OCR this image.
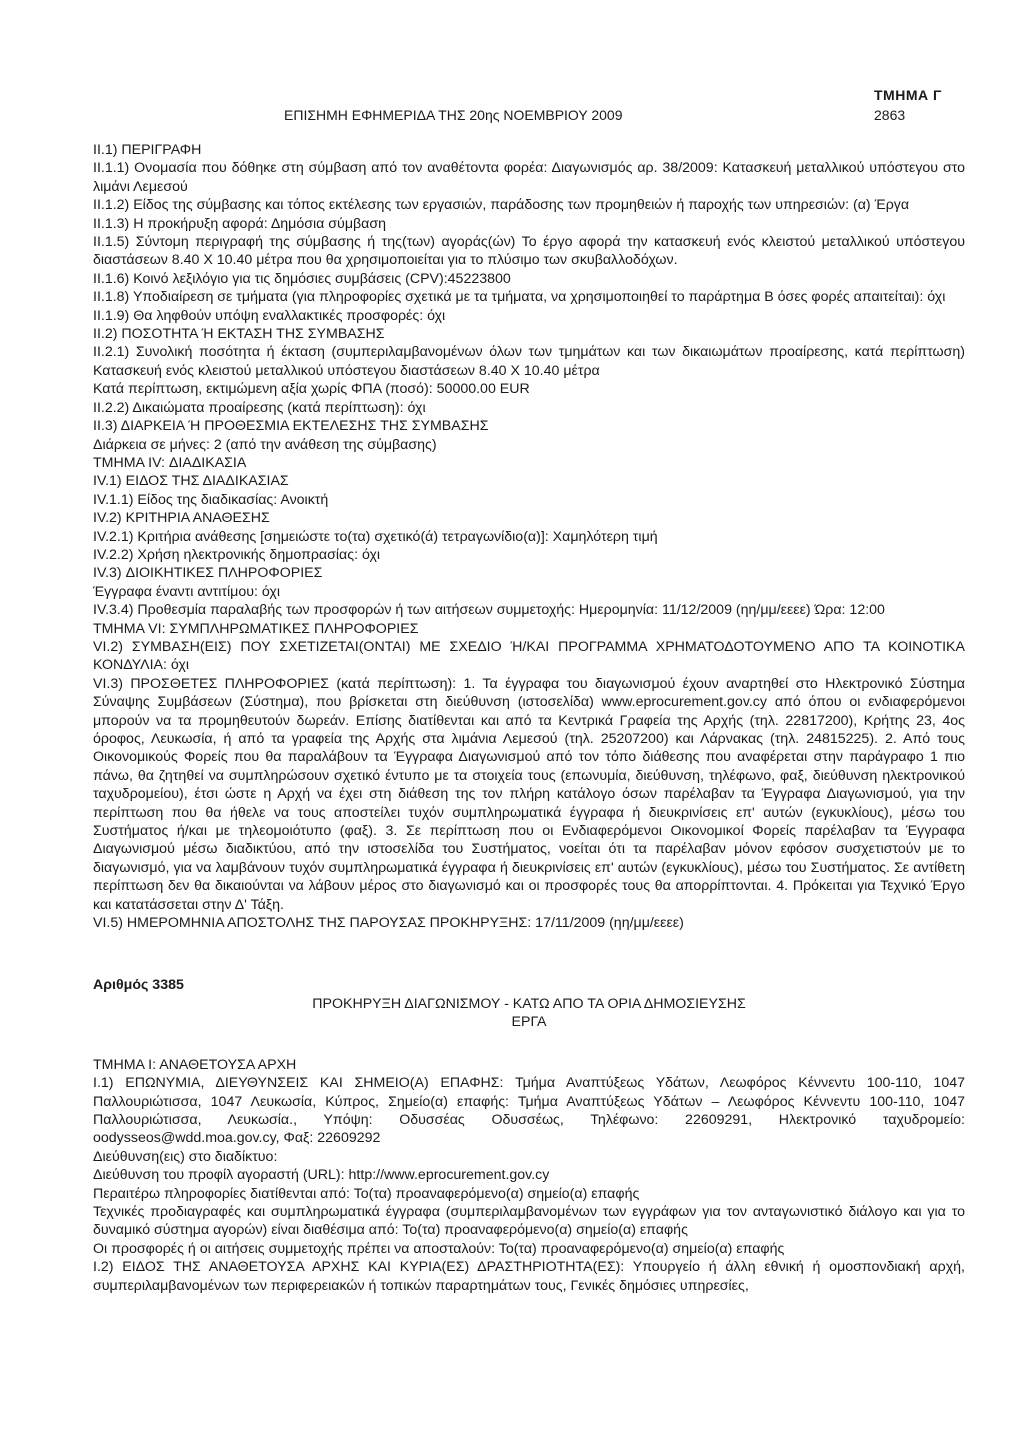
ΤΜΗΜΑ Γ
ΕΠΙΣΗΜΗ ΕΦΗΜΕΡΙΔΑ ΤΗΣ 20ης ΝΟΕΜΒΡΙΟΥ 2009	2863

ΙΙ.1) ΠΕΡΙΓΡΑΦΗ

ΙΙ.1.1) Ονομασία που δόθηκε στη σύμβαση από τον αναθέτοντα φορέα: Διαγωνισμός αρ. 38/2009: Κατασκευή μεταλλικού υπόστεγου στο λιμάνι Λεμεσού

ΙΙ.1.2) Είδος της σύμβασης και τόπος εκτέλεσης των εργασιών, παράδοσης των προμηθειών ή παροχής των υπηρεσιών: (α) Έργα

ΙΙ.1.3) Η προκήρυξη αφορά: Δημόσια σύμβαση

ΙΙ.1.5) Σύντομη περιγραφή της σύμβασης ή της(των) αγοράς(ών) Το έργο αφορά την κατασκευή ενός κλειστού μεταλλικού υπόστεγου διαστάσεων 8.40 Χ 10.40 μέτρα που θα χρησιμοποιείται για το πλύσιμο των σκυβαλλοδόχων.

ΙΙ.1.6) Κοινό λεξιλόγιο για τις δημόσιες συμβάσεις (CPV):45223800

ΙΙ.1.8) Υποδιαίρεση σε τμήματα (για πληροφορίες σχετικά με τα τμήματα, να χρησιμοποιηθεί το παράρτημα Β όσες φορές απαιτείται): όχι

ΙΙ.1.9) Θα ληφθούν υπόψη εναλλακτικές προσφορές: όχι

ΙΙ.2) ΠΟΣΟΤΗΤΑ Ή ΕΚΤΑΣΗ ΤΗΣ ΣΥΜΒΑΣΗΣ

ΙΙ.2.1) Συνολική ποσότητα ή έκταση (συμπεριλαμβανομένων όλων των τμημάτων και των δικαιωμάτων προαίρεσης, κατά περίπτωση) Κατασκευή ενός κλειστού μεταλλικού υπόστεγου διαστάσεων 8.40 Χ 10.40 μέτρα

Κατά περίπτωση, εκτιμώμενη αξία χωρίς ΦΠΑ (ποσό): 50000.00 EUR

ΙΙ.2.2) Δικαιώματα προαίρεσης (κατά περίπτωση): όχι

ΙΙ.3) ΔΙΑΡΚΕΙΑ Ή ΠΡΟΘΕΣΜΙΑ ΕΚΤΕΛΕΣΗΣ ΤΗΣ ΣΥΜΒΑΣΗΣ

Διάρκεια σε μήνες: 2 (από την ανάθεση της σύμβασης)

ΤΜΗΜΑ IV: ΔΙΑΔΙΚΑΣΙΑ

IV.1) ΕΙΔΟΣ ΤΗΣ ΔΙΑΔΙΚΑΣΙΑΣ

IV.1.1) Είδος της διαδικασίας: Ανοικτή

IV.2) ΚΡΙΤΗΡΙΑ ΑΝΑΘΕΣΗΣ

IV.2.1) Κριτήρια ανάθεσης [σημειώστε το(τα) σχετικό(ά) τετραγωνίδιο(α)]: Χαμηλότερη τιμή

IV.2.2) Χρήση ηλεκτρονικής δημοπρασίας: όχι

IV.3) ΔΙΟΙΚΗΤΙΚΕΣ ΠΛΗΡΟΦΟΡΙΕΣ

Έγγραφα έναντι αντιτίμου: όχι

IV.3.4) Προθεσμία παραλαβής των προσφορών ή των αιτήσεων συμμετοχής: Ημερομηνία: 11/12/2009 (ηη/μμ/εεεε) Ώρα: 12:00

ΤΜΗΜΑ VI: ΣΥΜΠΛΗΡΩΜΑΤΙΚΕΣ ΠΛΗΡΟΦΟΡΙΕΣ

VI.2) ΣΥΜΒΑΣΗ(ΕΙΣ) ΠΟΥ ΣΧΕΤΙΖΕΤΑΙ(ΟΝΤΑΙ) ΜΕ ΣΧΕΔΙΟ Ή/ΚΑΙ ΠΡΟΓΡΑΜΜΑ ΧΡΗΜΑΤΟΔΟΤΟΥΜΕΝΟ ΑΠΟ ΤΑ ΚΟΙΝΟΤΙΚΑ ΚΟΝΔΥΛΙΑ: όχι

VI.3) ΠΡΟΣΘΕΤΕΣ ΠΛΗΡΟΦΟΡΙΕΣ (κατά περίπτωση): 1. Τα έγγραφα του διαγωνισμού έχουν αναρτηθεί στο Ηλεκτρονικό Σύστημα Σύναψης Συμβάσεων (Σύστημα), που βρίσκεται στη διεύθυνση (ιστοσελίδα) www.eprocurement.gov.cy από όπου οι ενδιαφερόμενοι μπορούν να τα προμηθευτούν δωρεάν. Επίσης διατίθενται και από τα Κεντρικά Γραφεία της Αρχής (τηλ. 22817200), Κρήτης 23, 4ος όροφος, Λευκωσία, ή από τα γραφεία της Αρχής στα λιμάνια Λεμεσού (τηλ. 25207200) και Λάρνακας (τηλ. 24815225). 2. Από τους Οικονομικούς Φορείς που θα παραλάβουν τα Έγγραφα Διαγωνισμού από τον τόπο διάθεσης που αναφέρεται στην παράγραφο 1 πιο πάνω, θα ζητηθεί να συμπληρώσουν σχετικό έντυπο με τα στοιχεία τους (επωνυμία, διεύθυνση, τηλέφωνο, φαξ, διεύθυνση ηλεκτρονικού ταχυδρομείου), έτσι ώστε η Αρχή να έχει στη διάθεση της τον πλήρη κατάλογο όσων παρέλαβαν τα Έγγραφα Διαγωνισμού, για την περίπτωση που θα ήθελε να τους αποστείλει τυχόν συμπληρωματικά έγγραφα ή διευκρινίσεις επ' αυτών (εγκυκλίους), μέσω του Συστήματος ή/και με τηλεομοιότυπο (φαξ). 3. Σε περίπτωση που οι Ενδιαφερόμενοι Οικονομικοί Φορείς παρέλαβαν τα Έγγραφα Διαγωνισμού μέσω διαδικτύου, από την ιστοσελίδα του Συστήματος, νοείται ότι τα παρέλαβαν μόνον εφόσον συσχετιστούν με το διαγωνισμό, για να λαμβάνουν τυχόν συμπληρωματικά έγγραφα ή διευκρινίσεις επ' αυτών (εγκυκλίους), μέσω του Συστήματος. Σε αντίθετη περίπτωση δεν θα δικαιούνται να λάβουν μέρος στο διαγωνισμό και οι προσφορές τους θα απορρίπτονται. 4. Πρόκειται για Τεχνικό Έργο και κατατάσσεται στην Δ' Τάξη.

VI.5) ΗΜΕΡΟΜΗΝΙΑ ΑΠΟΣΤΟΛΗΣ ΤΗΣ ΠΑΡΟΥΣΑΣ ΠΡΟΚΗΡΥΞΗΣ: 17/11/2009 (ηη/μμ/εεεε)

Αριθμός 3385

ΠΡΟΚΗΡΥΞΗ ΔΙΑΓΩΝΙΣΜΟΥ - ΚΑΤΩ ΑΠΟ ΤΑ ΟΡΙΑ ΔΗΜΟΣΙΕΥΣΗΣ

ΕΡΓΑ

ΤΜΗΜΑ Ι: ΑΝΑΘΕΤΟΥΣΑ ΑΡΧΗ

Ι.1) ΕΠΩΝΥΜΙΑ, ΔΙΕΥΘΥΝΣΕΙΣ ΚΑΙ ΣΗΜΕΙΟ(Α) ΕΠΑΦΗΣ: Τμήμα Αναπτύξεως Υδάτων, Λεωφόρος Κέννεντυ 100-110, 1047 Παλλουριώτισσα, 1047 Λευκωσία, Κύπρος, Σημείο(α) επαφής: Τμήμα Αναπτύξεως Υδάτων – Λεωφόρος Κέννεντυ 100-110, 1047 Παλλουριώτισσα, Λευκωσία., Υπόψη: Οδυσσέας Οδυσσέως, Τηλέφωνο: 22609291, Ηλεκτρονικό ταχυδρομείο: oodysseos@wdd.moa.gov.cy, Φαξ: 22609292

Διεύθυνση(εις) στο διαδίκτυο:

Διεύθυνση του προφίλ αγοραστή (URL): http://www.eprocurement.gov.cy

Περαιτέρω πληροφορίες διατίθενται από: Το(τα) προαναφερόμενο(α) σημείο(α) επαφής

Τεχνικές προδιαγραφές και συμπληρωματικά έγγραφα (συμπεριλαμβανομένων των εγγράφων για τον ανταγωνιστικό διάλογο και για το δυναμικό σύστημα αγορών) είναι διαθέσιμα από: Το(τα) προαναφερόμενο(α) σημείο(α) επαφής

Οι προσφορές ή οι αιτήσεις συμμετοχής πρέπει να αποσταλούν: Το(τα) προαναφερόμενο(α) σημείο(α) επαφής

Ι.2) ΕΙΔΟΣ ΤΗΣ ΑΝΑΘΕΤΟΥΣΑ ΑΡΧΗΣ ΚΑΙ ΚΥΡΙΑ(ΕΣ) ΔΡΑΣΤΗΡΙΟΤΗΤΑ(ΕΣ): Υπουργείο ή άλλη εθνική ή ομοσπονδιακή αρχή, συμπεριλαμβανομένων των περιφερειακών ή τοπικών παραρτημάτων τους, Γενικές δημόσιες υπηρεσίες,
